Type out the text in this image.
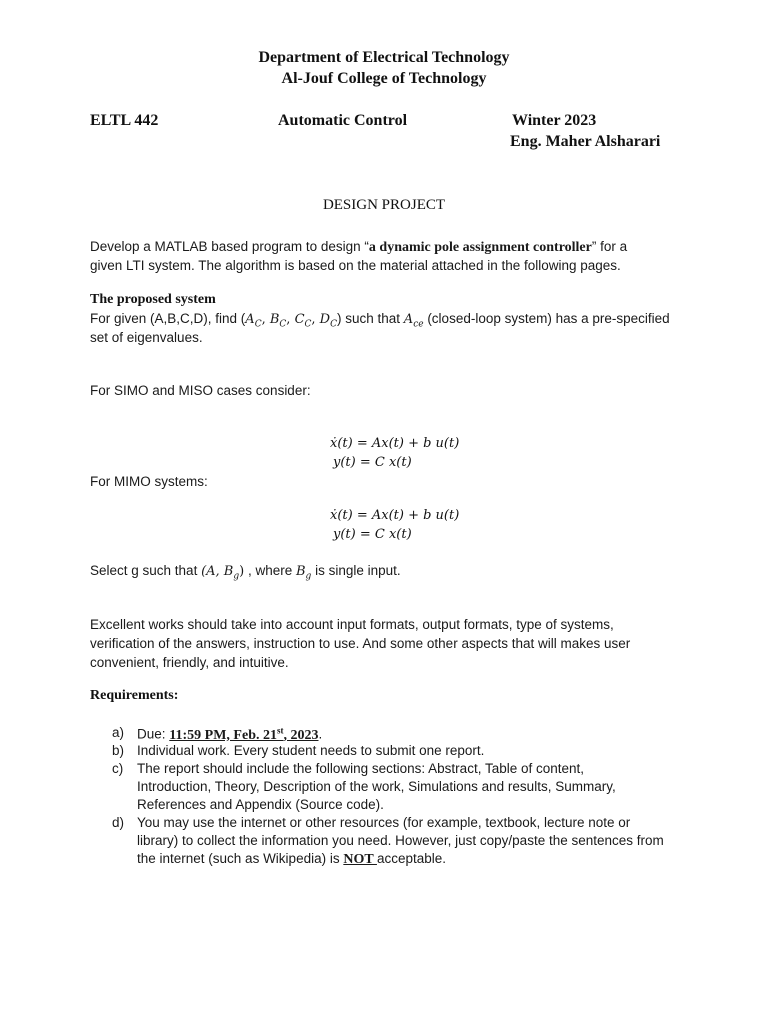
Department of Electrical Technology
Al-Jouf College of Technology
ELTL 442	Automatic Control	Winter 2023
Eng. Maher Alsharari
DESIGN PROJECT
Develop a MATLAB based program to design “a dynamic pole assignment controller” for a
given LTI system. The algorithm is based on the material attached in the following pages.
The proposed system
For given (A,B,C,D), find ($A_C$, $B_C$, $C_C$, $D_C$) such that $A_{ce}$ (closed-loop system) has a pre-specified
set of eigenvalues.
For SIMO and MISO cases consider:
ẋ(t) = Ax(t) + b u(t)
y(t) = C x(t)
For MIMO systems:
ẋ(t) = Ax(t) + b u(t)
y(t) = C x(t)
Select g such that (A, $B_g$) , where $B_g$ is single input.
Excellent works should take into account input formats, output formats, type of systems,
verification of the answers, instruction to use. And some other aspects that will makes user
convenient, friendly, and intuitive.
Requirements:
a) Due: 11:59 PM, Feb. 21st, 2023.
b) Individual work. Every student needs to submit one report.
c)	The report should include the following sections: Abstract, Table of content,
Introduction, Theory, Description of the work, Simulations and results, Summary,
References and Appendix (Source code).
d) You may use the internet or other resources (for example, textbook, lecture note or
library) to collect the information you need. However, just copy/paste the sentences from
the internet (such as Wikipedia) is NOT acceptable.
